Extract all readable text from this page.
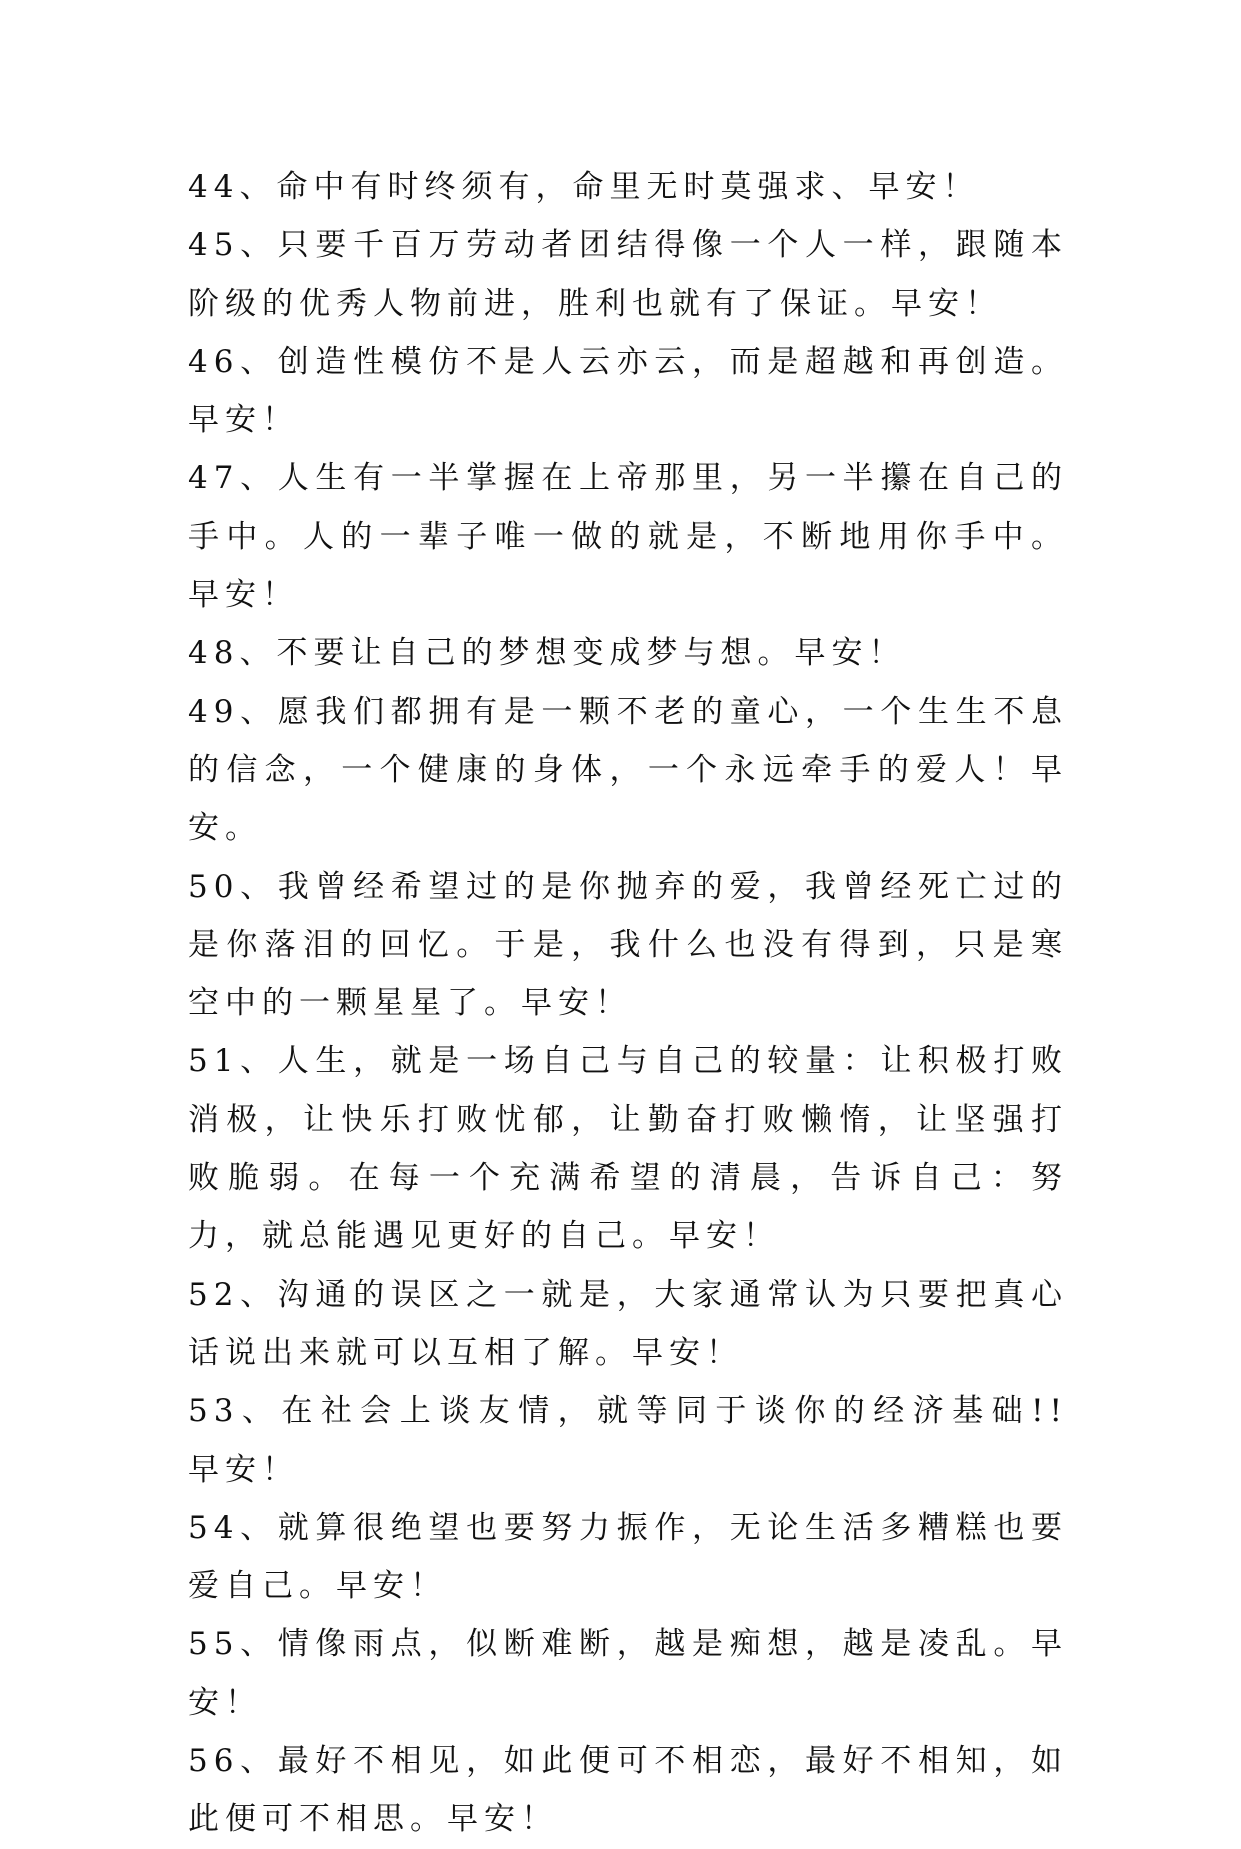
44、命中有时终须有，命里无时莫强求、早安！

45、只要千百万劳动者团结得像一个人一样，跟随本阶级的优秀人物前进，胜利也就有了保证。早安！

46、创造性模仿不是人云亦云，而是超越和再创造。早安！

47、人生有一半掌握在上帝那里，另一半攥在自己的手中。人的一辈子唯一做的就是，不断地用你手中。早安！

48、不要让自己的梦想变成梦与想。早安！

49、愿我们都拥有是一颗不老的童心，一个生生不息的信念，一个健康的身体，一个永远牵手的爱人！早安。

50、我曾经希望过的是你抛弃的爱，我曾经死亡过的是你落泪的回忆。于是，我什么也没有得到，只是寒空中的一颗星星了。早安！

51、人生，就是一场自己与自己的较量：让积极打败消极，让快乐打败忧郁，让勤奋打败懒惰，让坚强打败脆弱。在每一个充满希望的清晨，告诉自己：努力，就总能遇见更好的自己。早安！

52、沟通的误区之一就是，大家通常认为只要把真心话说出来就可以互相了解。早安！

53、在社会上谈友情，就等同于谈你的经济基础!! 早安！

54、就算很绝望也要努力振作，无论生活多糟糕也要爱自己。早安！

55、情像雨点，似断难断，越是痴想，越是凌乱。早安！

56、最好不相见，如此便可不相恋，最好不相知，如此便可不相思。早安！
